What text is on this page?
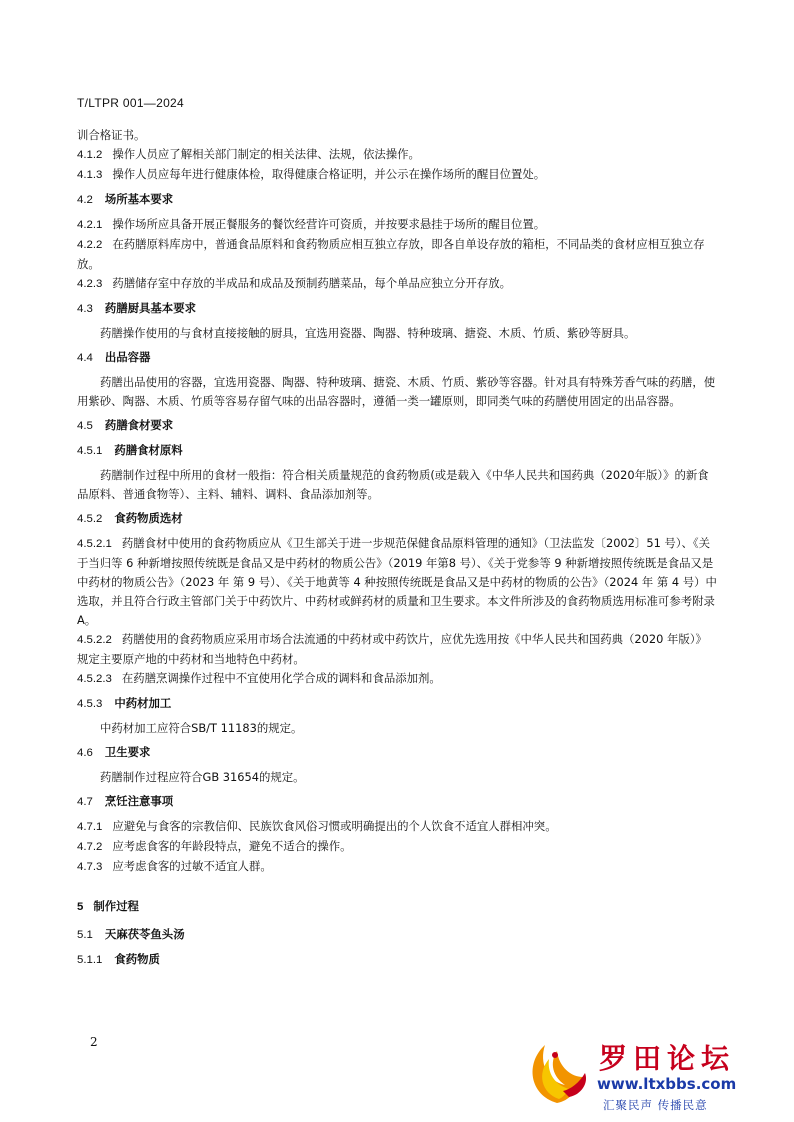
T/LTPR 001—2024

训合格证书。

4.1.2 操作人员应了解相关部门制定的相关法律、法规，依法操作。

4.1.3 操作人员应每年进行健康体检，取得健康合格证明，并公示在操作场所的醒目位置处。

4.2 场所基本要求

4.2.1 操作场所应具备开展正餐服务的餐饮经营许可资质，并按要求悬挂于场所的醒目位置。

4.2.2 在药膳原料库房中，普通食品原料和食药物质应相互独立存放，即各自单设存放的箱柜，不同品类的食材应相互独立存放。

4.2.3 药膳储存室中存放的半成品和成品及预制药膳菜品，每个单品应独立分开存放。

4.3 药膳厨具基本要求

药膳操作使用的与食材直接接触的厨具，宜选用瓷器、陶器、特种玻璃、搪瓷、木质、竹质、紫砂等厨具。

4.4 出品容器

药膳出品使用的容器，宜选用瓷器、陶器、特种玻璃、搪瓷、木质、竹质、紫砂等容器。针对具有特殊芳香气味的药膳，使用紫砂、陶器、木质、竹质等容易存留气味的出品容器时，遵循一类一罐原则，即同类气味的药膳使用固定的出品容器。

4.5 药膳食材要求

4.5.1 药膳食材原料

药膳制作过程中所用的食材一般指：符合相关质量规范的食药物质(或是载入《中华人民共和国药典（2020年版）》的新食品原料、普通食物等）、主料、辅料、调料、食品添加剂等。

4.5.2 食药物质选材

4.5.2.1 药膳食材中使用的食药物质应从《卫生部关于进一步规范保健食品原料管理的通知》（卫法监发〔2002〕51 号）、《关于当归等 6 种新增按照传统既是食品又是中药材的物质公告》（2019 年第8 号）、《关于党参等 9 种新增按照传统既是食品又是中药材的物质公告》（2023 年 第 9 号）、《关于地黄等 4 种按照传统既是食品又是中药材的物质的公告》（2024 年 第 4 号）中选取，并且符合行政主管部门关于中药饮片、中药材或鲜药材的质量和卫生要求。本文件所涉及的食药物质选用标准可参考附录 A。

4.5.2.2 药膳使用的食药物质应采用市场合法流通的中药材或中药饮片，应优先选用按《中华人民共和国药典（2020 年版）》规定主要原产地的中药材和当地特色中药材。

4.5.2.3 在药膳烹调操作过程中不宜使用化学合成的调料和食品添加剂。

4.5.3 中药材加工

中药材加工应符合SB/T 11183的规定。

4.6 卫生要求

药膳制作过程应符合GB 31654的规定。

4.7 烹饪注意事项

4.7.1 应避免与食客的宗教信仰、民族饮食风俗习惯或明确提出的个人饮食不适宜人群相冲突。

4.7.2 应考虑食客的年龄段特点，避免不适合的操作。

4.7.3 应考虑食客的过敏不适宜人群。

5 制作过程

5.1 天麻茯苓鱼头汤

5.1.1 食药物质

2	罗田论坛
www.ltxbbs.com
汇聚民声 传播民意
